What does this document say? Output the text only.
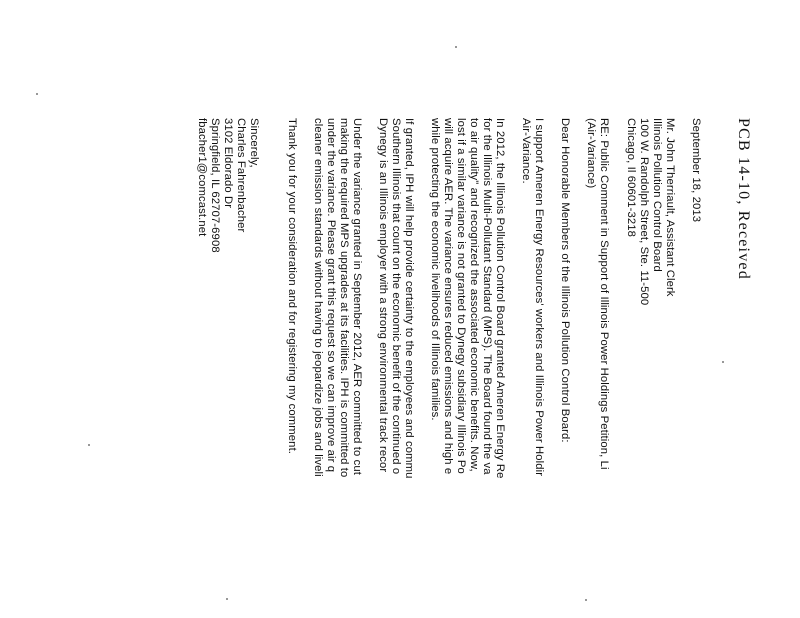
PCB 14-10, Received
September 18, 2013
Mr. John Therriault, Assistant Clerk
Illinois Pollution Control Board
100 W. Randolph Street, Ste. 11-500
Chicago, Il 60601-3218
RE: Public Comment in Support of Illinois Power Holdings Petition, Li
(Air-Variance)
Dear Honorable Members of the Illinois Pollution Control Board:
I support Ameren Energy Resources' workers and Illinois Power Holdir
Air-Variance.
In 2012, the Illinois Pollution Control Board granted Ameren Energy Re
for the Illinois Multi-Pollutant Standard (MPS). The Board found the va
to air quality" and recognized the associated economic benefits. Now,
lost if a similar variance is not granted to Dynegy subsidiary Illinois Po
will acquire AER. The variance ensures reduced emissions and high e
while protecting the economic livelihoods of Illinois families.
If granted, IPH will help provide certainty to the employees and commu
Southern Illinois that count on the economic benefit of the continued o
Dynegy is an Illinois employer with a strong environmental track recor
Under the variance granted in September 2012, AER committed to cut
making the required MPS upgrades at its facilities. IPH is committed to
under the variance. Please grant this request so we can improve air q
cleaner emission standards without having to jeopardize jobs and liveli
Thank you for your consideration and for registering my comment.
Sincerely,
Charles Fahrenbacher
3102 Eldorado Dr
Springfield, IL 62707-6908
fbacher1@comcast.net
